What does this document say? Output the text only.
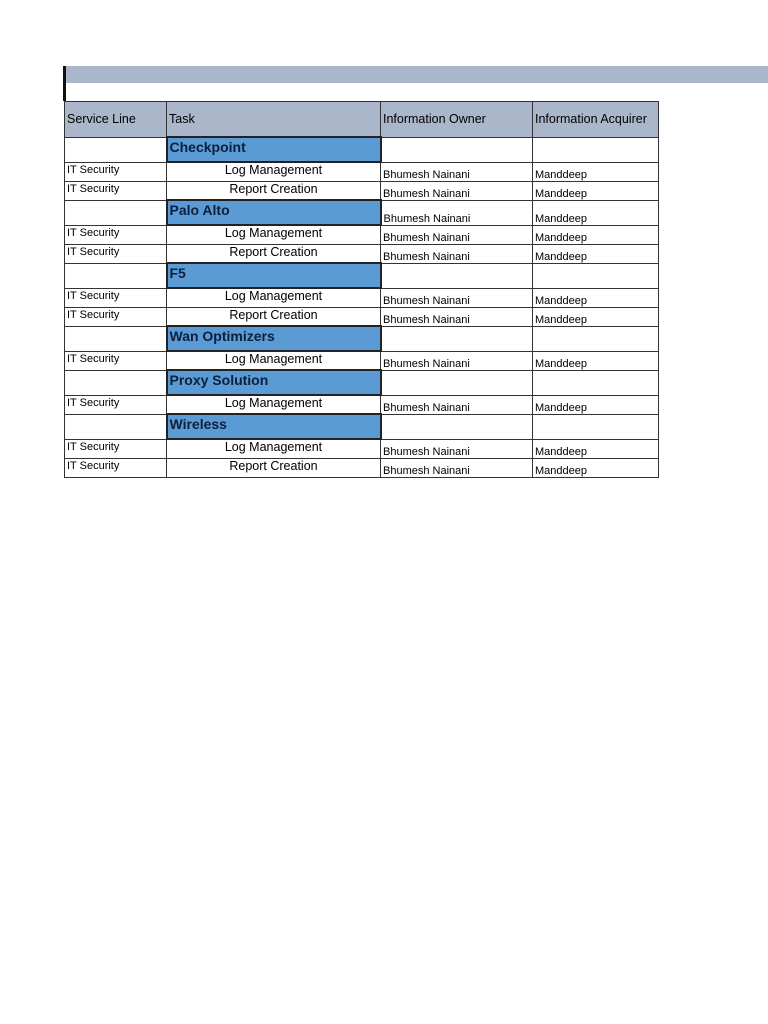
Service Line	Task	Information Owner	Information Acquirer
	Checkpoint		
IT Security	Log Management	Bhumesh Nainani	Manddeep
IT Security	Report Creation	Bhumesh Nainani	Manddeep
	Palo Alto	Bhumesh Nainani	Manddeep
IT Security	Log Management	Bhumesh Nainani	Manddeep
IT Security	Report Creation	Bhumesh Nainani	Manddeep
	F5		
IT Security	Log Management	Bhumesh Nainani	Manddeep
IT Security	Report Creation	Bhumesh Nainani	Manddeep
	Wan Optimizers		
IT Security	Log Management	Bhumesh Nainani	Manddeep
	Proxy Solution		
IT Security	Log Management	Bhumesh Nainani	Manddeep
	Wireless		
IT Security	Log Management	Bhumesh Nainani	Manddeep
IT Security	Report Creation	Bhumesh Nainani	Manddeep
